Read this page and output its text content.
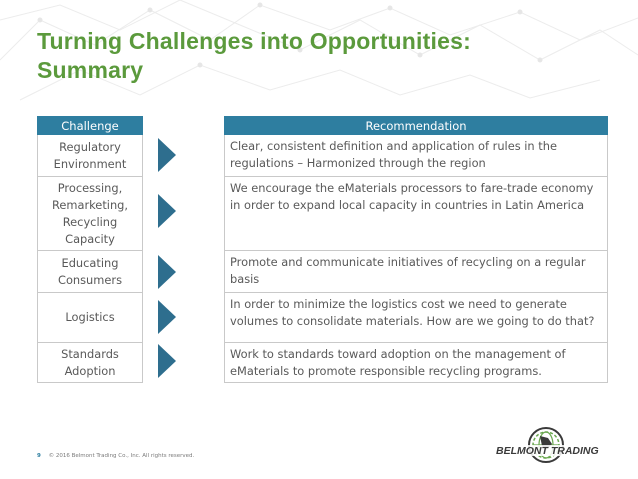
Turning Challenges into Opportunities:
Summary
Challenge
Regulatory Environment
Processing, Remarketing, Recycling Capacity
Educating Consumers
Logistics
Standards Adoption
Recommendation
Clear, consistent definition and application of rules in the regulations – Harmonized through the region
We encourage the eMaterials processors to fare-trade economy in order to expand local capacity in countries in Latin America
Promote and communicate initiatives of recycling on a regular basis
In order to minimize the logistics cost we need to generate volumes to consolidate materials. How are we going to do that?
Work to standards toward adoption on the management of eMaterials to promote responsible recycling programs.
9 © 2016 Belmont Trading Co., Inc. All rights reserved.	BELMONT TRADING
